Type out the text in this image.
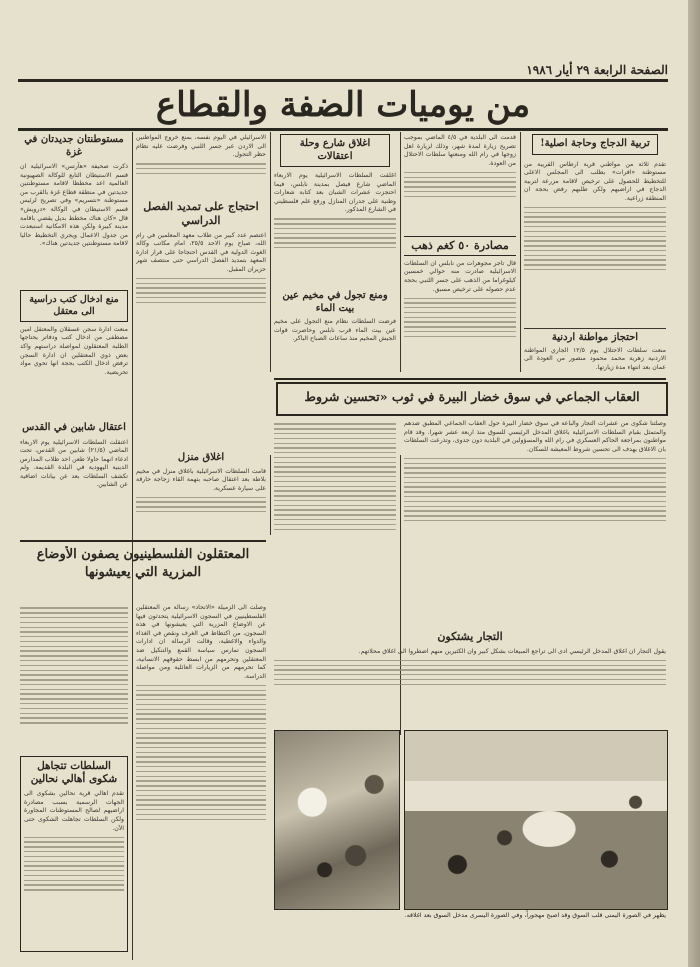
الصفحة الرابعة ٢٩ أيار ١٩٨٦
من يوميات الضفة والقطاع
تربية الدجاج وحاجة اصلية!
تقدم ثلاثة من مواطني قرية ارطاس القريبة من مستوطنة «افرات» بطلب الى المجلس الاعلى للتخطيط للحصول على ترخيص لاقامة مزرعة لتربية الدجاج في اراضيهم ولكن طلبهم رفض بحجة ان المنطقة زراعية.
احتجاز مواطنة اردنية
منعت سلطات الاحتلال يوم ١٢/٥ الجاري المواطنة الاردنية زهرية محمد محمود منصور من العودة الى عمان بعد انتهاء مدة زيارتها.
قدمت الى البلدية في ٤/٥ الماضي بموجب تصريح زيارة لمدة شهر، وذلك لزيارة اهل زوجها في رام الله ومنعتها سلطات الاحتلال من العودة.
مصادرة ٥٠ كغم ذهب
قال تاجر مجوهرات من نابلس ان السلطات الاسرائيلية صادرت منه حوالي خمسين كيلوغراما من الذهب على جسر اللنبي بحجة عدم حصوله على ترخيص مسبق.
اغلاق شارع وحلة اعتقالات
اغلقت السلطات الاسرائيلية يوم الاربعاء الماضي شارع فيصل بمدينة نابلس، فيما احتجزت عشرات الشبان بعد كتابة شعارات وطنية على جدران المنازل ورفع علم فلسطيني في الشارع المذكور.
ومنع تجول في مخيم عين بيت الماء
فرضت السلطات نظام منع التجول على مخيم عين بيت الماء قرب نابلس وحاصرت قوات الجيش المخيم منذ ساعات الصباح الباكر.
الاسرائيلي في اليوم نفسه، بمنع خروج المواطنين الى الاردن عبر جسر اللنبي وفرضت عليه نظام حظر التجول.
احتجاج على تمديد الفصل الدراسي
اعتصم عدد كبير من طلاب معهد المعلمين في رام الله، صباح يوم الاحد ٢٥/٥، امام مكاتب وكالة الغوث الدولية في القدس احتجاجا على قرار ادارة المعهد بتمديد الفصل الدراسي حتى منتصف شهر حزيران المقبل.
اغلاق منزل
قامت السلطات الاسرائيلية باغلاق منزل في مخيم بلاطة بعد اعتقال صاحبه بتهمة القاء زجاجة حارقة على سيارة عسكرية.
مستوطنتان جديدتان في غزة
ذكرت صحيفة «هآرتس» الاسرائيلية ان قسم الاستيطان التابع للوكالة الصهيونية العالمية اعد مخططا لاقامة مستوطنتين جديدتين في منطقة قطاع غزة بالقرب من مستوطنة «نتسريم» وفي تصريح لرئيس قسم الاستيطان في الوكالة «درويش» قال «كان هناك مخطط بديل يقضي باقامة مدينة كبيرة ولكن هذه الامكانية استبعدت من جدول الاعمال ويجري التخطيط حاليا لاقامة مستوطنتين جديدتين هناك».
منع ادخال كتب دراسية الى معتقل
منعت ادارة سجن عسقلان والمعتقل امين مصطفى من ادخال كتب ودفاتر يحتاجها الطلبة المعتقلون لمواصلة دراستهم واكد بعض ذوي المعتقلين ان ادارة السجن ترفض ادخال الكتب بحجة انها تحوي مواد تحريضية.
اعتقال شابين في القدس
اعتقلت السلطات الاسرائيلية يوم الاربعاء الماضي (٢١/٥) شابين من القدس، تحت ادعاء انهما حاولا طعن احد طلاب المدارس الدينية اليهودية في البلدة القديمة. ولم تكشف السلطات بعد عن بيانات اضافية عن الشابين.
العقاب الجماعي في سوق خضار البيرة في ثوب «تحسين شروط
وصلتنا شكوى من عشرات التجار والباعة في سوق خضار البيرة حول العقاب الجماعي المطبق ضدهم والمتمثل بقيام السلطات الاسرائيلية باغلاق المدخل الرئيسي للسوق منذ اربعة عشر شهرا. وقد قام مواطنون بمراجعة الحاكم العسكري في رام الله والمسؤولين في البلدية دون جدوى، وتذرعت السلطات بان الاغلاق يهدف الى تحسين شروط المعيشة للسكان.
التجار يشتكون
يقول التجار ان اغلاق المدخل الرئيسي ادى الى تراجع المبيعات بشكل كبير وان الكثيرين منهم اضطروا الى اغلاق محلاتهم.
يظهر في الصورة اليمنى قلب السوق وقد اصبح مهجوراً، وفي الصورة اليسرى مدخل السوق بعد اغلاقه.
المعتقلون الفلسطينيون يصفون الأوضاع المزرية التي يعيشونها
وصلت الى الزميلة «الاتحاد» رسالة من المعتقلين الفلسطينيين في السجون الاسرائيلية يتحدثون فيها عن الاوضاع المزرية التي يعيشونها في هذه السجون، من اكتظاظ في الغرف ونقص في الغذاء والدواء والاغطية، وقالت الرسالة ان ادارات السجون تمارس سياسة القمع والتنكيل ضد المعتقلين وتحرمهم من ابسط حقوقهم الانسانية، كما تحرمهم من الزيارات العائلية ومن مواصلة الدراسة.
السلطات تتجاهل شكوى أهالي نحالين
تقدم اهالي قرية نحالين بشكوى الى الجهات الرسمية بسبب مصادرة اراضيهم لصالح المستوطنات المجاورة ولكن السلطات تجاهلت الشكوى حتى الآن.
